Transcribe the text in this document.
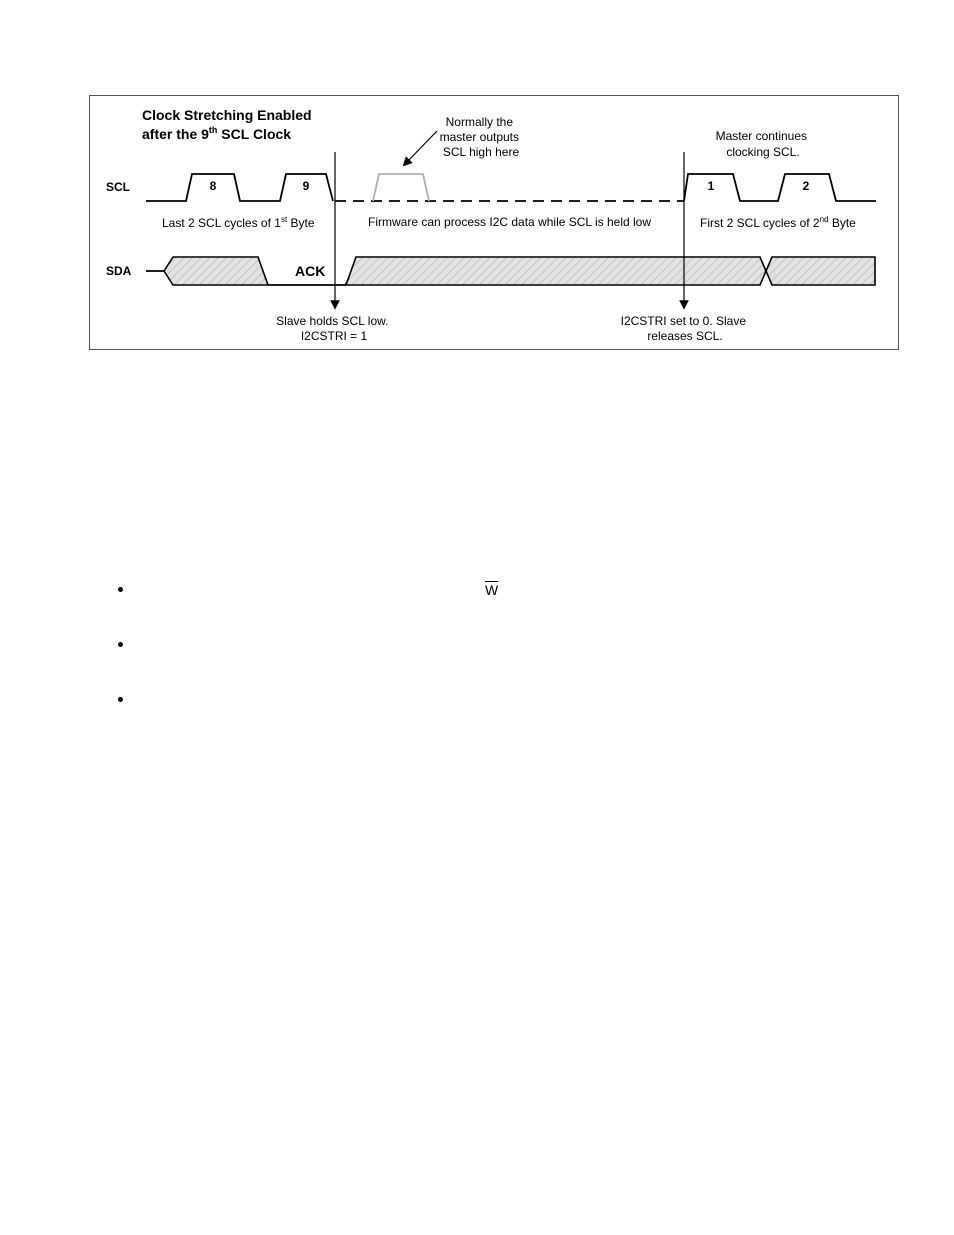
Clock Stretching Enabled
after the 9th SCL Clock
SCL
SDA
8	9	1	2
Normally the master outputs SCL high here
Master continues clocking SCL.
Last 2 SCL cycles of 1st Byte	Firmware can process I2C data while SCL is held low	First 2 SCL cycles of 2nd Byte
ACK
Slave holds SCL low. I2CSTRI = 1
I2CSTRI set to 0. Slave releases SCL.
$\overline{W}$
